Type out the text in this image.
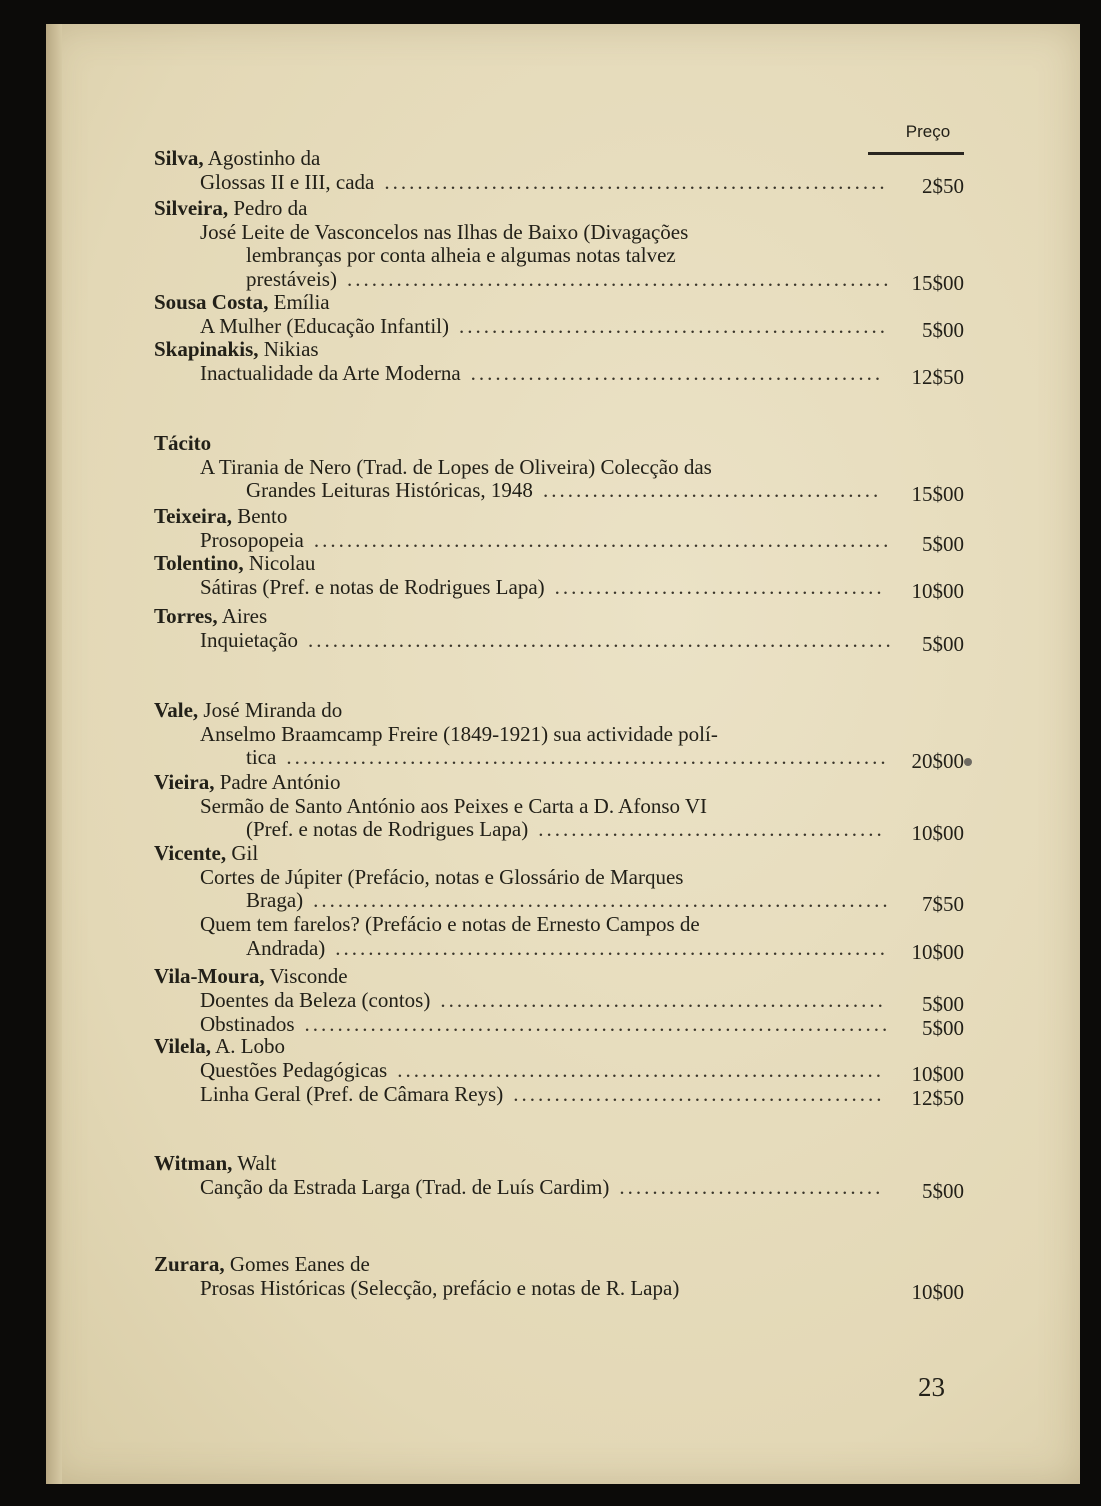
Preço
23
Silva, Agostinho da
Glossas II e III, cada .............................................................	2$50
Silveira, Pedro da
José Leite de Vasconcelos nas Ilhas de Baixo (Divagações
lembranças por conta alheia e algumas notas talvez
prestáveis) .................................................................. 15$00
Sousa Costa, Emília
A Mulher (Educação Infantil) ....................................................	5$00
Skapinakis, Nikias
Inactualidade da Arte Moderna ..................................................	12$50
Tácito
A Tirania de Nero (Trad. de Lopes de Oliveira) Colecção das
Grandes Leituras Históricas, 1948 .........................................	15$00
Teixeira, Bento
Prosopopeia ......................................................................	5$00
Tolentino, Nicolau
Sátiras (Pref. e notas de Rodrigues Lapa) ........................................	10$00
Torres, Aires
Inquietação .......................................................................	5$00
Vale, José Miranda do
Anselmo Braamcamp Freire (1849-1921) sua actividade polí-
tica .........................................................................	20$00
Vieira, Padre António
Sermão de Santo António aos Peixes e Carta a D. Afonso VI
(Pref. e notas de Rodrigues Lapa) ..........................................	10$00
Vicente, Gil
Cortes de Júpiter (Prefácio, notas e Glossário de Marques
Braga) ......................................................................	7$50
Quem tem farelos? (Prefácio e notas de Ernesto Campos de
Andrada) ...................................................................	10$00
Vila-Moura, Visconde
Doentes da Beleza (contos) ......................................................	5$00
Obstinados .......................................................................	5$00
Vilela, A. Lobo
Questões Pedagógicas ...........................................................	10$00
Linha Geral (Pref. de Câmara Reys) .............................................	12$50
Witman, Walt
Canção da Estrada Larga (Trad. de Luís Cardim) ................................	5$00
Zurara, Gomes Eanes de
Prosas Históricas (Selecção, prefácio e notas de R. Lapa)	10$00
